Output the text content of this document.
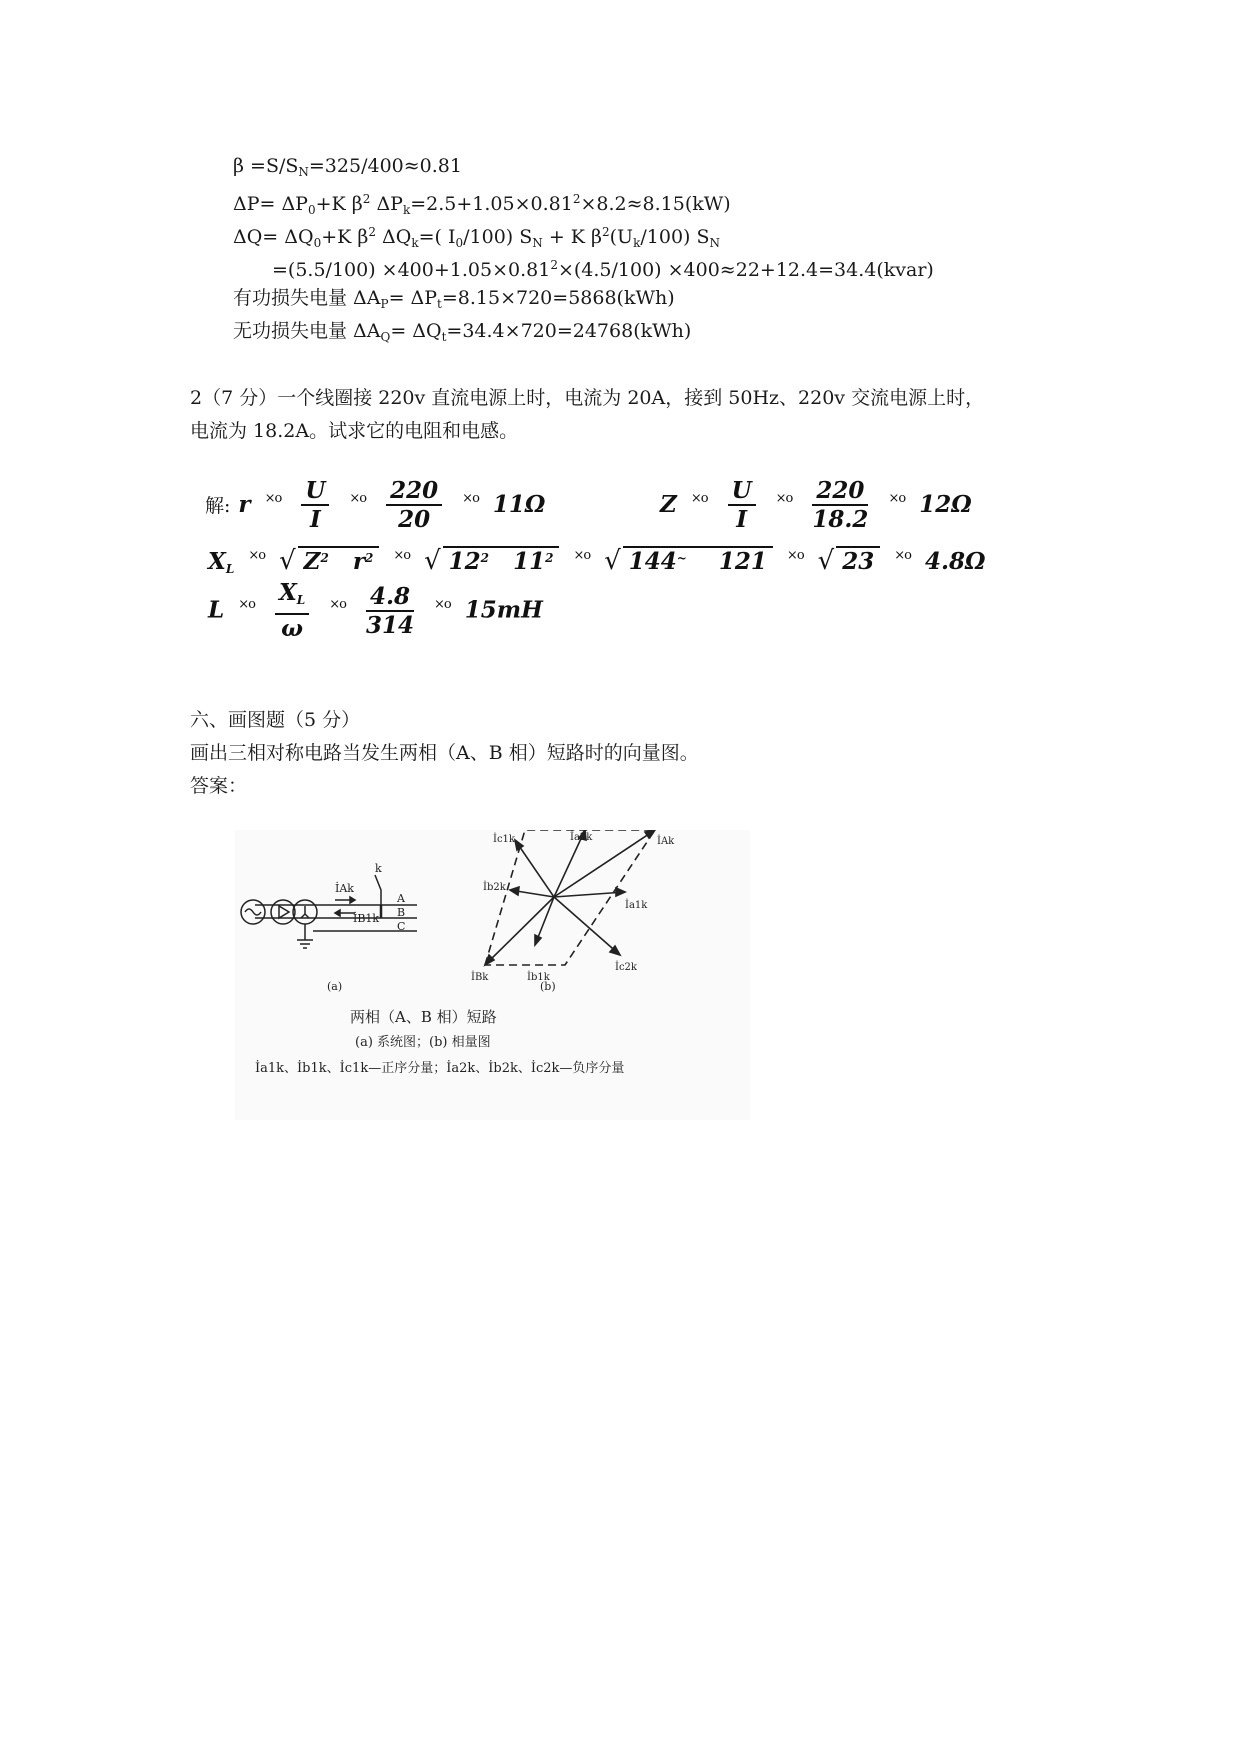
$\beta =S/S_N=325/400\approx 0.81$
$\Delta P= \Delta P_0+K$ $\beta^2$ $\Delta P_k=2.5+1.05\times 0.81^2\times 8.2\approx 8.15(kW)$
$\Delta Q= \Delta Q_0+K$ $\beta^2$ $\Delta Q_k=$( $I_0/100$) $S_N + K$ $\beta^2(U_k/100)$ $S_N$
$=(5.5/100) \times 400+1.05\times 0.81^2\times(4.5/100)$ ×400≈22+12.4=34.4(kvar)
有功损失电量 $\Delta A_P= \Delta P_t=8.15\times 720=5868(kWh)$
无功损失电量 $\Delta A_Q= \Delta Q_t=34.4\times 720=24768(kWh)$
2（7 分）一个线圈接 220v 直流电源上时，电流为 20A，接到 50Hz、220v 交流电源上时，
电流为 18.2A。试求它的电阻和电感。
解: r $^{\times o} \frac{U}{I} ^{\times o} \frac{220}{20} ^{\times o}$ 11Ω	Z $^{\times o} \frac{U}{I} ^{\times o} \frac{220}{18.2} ^{\times o}$ 12Ω
$X_L$ $^{\times o}$ √ $Z^2$ $r^2$ $^{\times o}$ √ $12^2$ $11^2$ $^{\times o}$ √ 144~ 121 $^{\times o}$ √ 23 $^{\times o}$ 4.8Ω
L $^{\times o} \frac{X_L}{\omega} ^{\times o} \frac{4.8}{314} ^{\times o}$ 15mH
六、画图题（5 分）
画出三相对称电路当发生两相（A、B 相）短路时的向量图。
答案：
İAk
İB1k
k
A
B
C
(a)	(b)
İc1k	İa2k	İAk
İb2k
İa1k
İBk	İb1k
İc2k
两相（A、B 相）短路
(a) 系统图；(b) 相量图
İa1k、İb1k、İc1k—正序分量；İa2k、İb2k、İc2k—负序分量
